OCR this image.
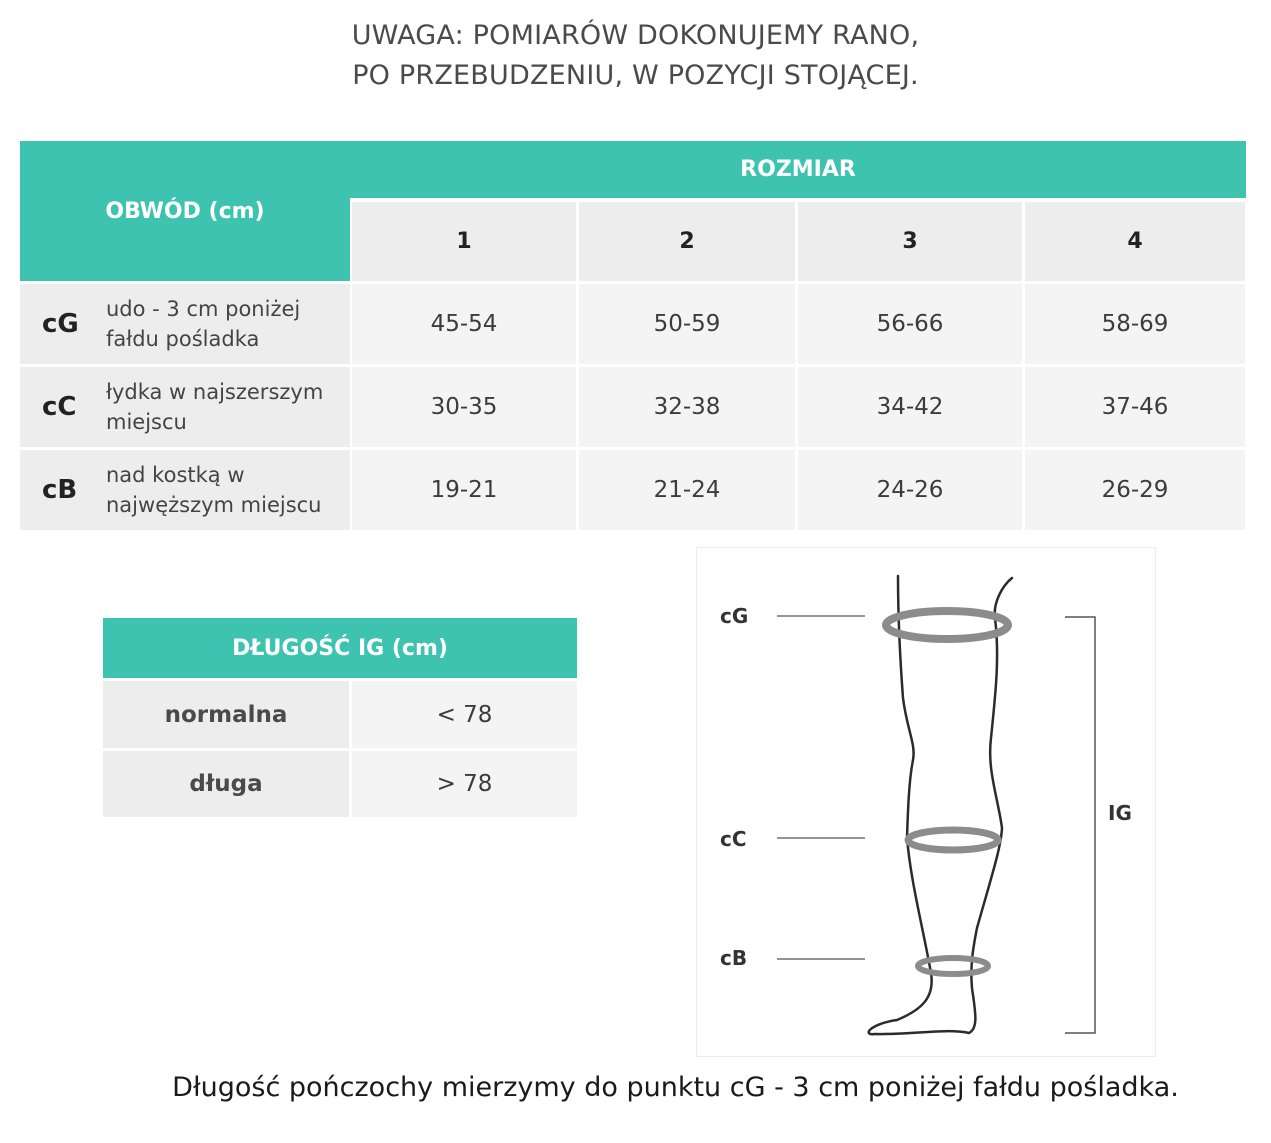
UWAGA: POMIARÓW DOKONUJEMY RANO,
PO PRZEBUDZENIU, W POZYCJI STOJĄCEJ.
OBWÓD (cm)
ROZMIAR
1	2	3	4
cG udo - 3 cm poniżej
fałdu pośladka
45-54	50-59	56-66	58-69
cC łydka w najszerszym
miejscu
30-35	32-38	34-42	37-46
cB nad kostką w
najwęższym miejscu
19-21	21-24	24-26	26-29
DŁUGOŚĆ IG (cm)
normalna	< 78
długa	> 78
cG
cC
cB
IG
Długość pończochy mierzymy do punktu cG - 3 cm poniżej fałdu pośladka.
